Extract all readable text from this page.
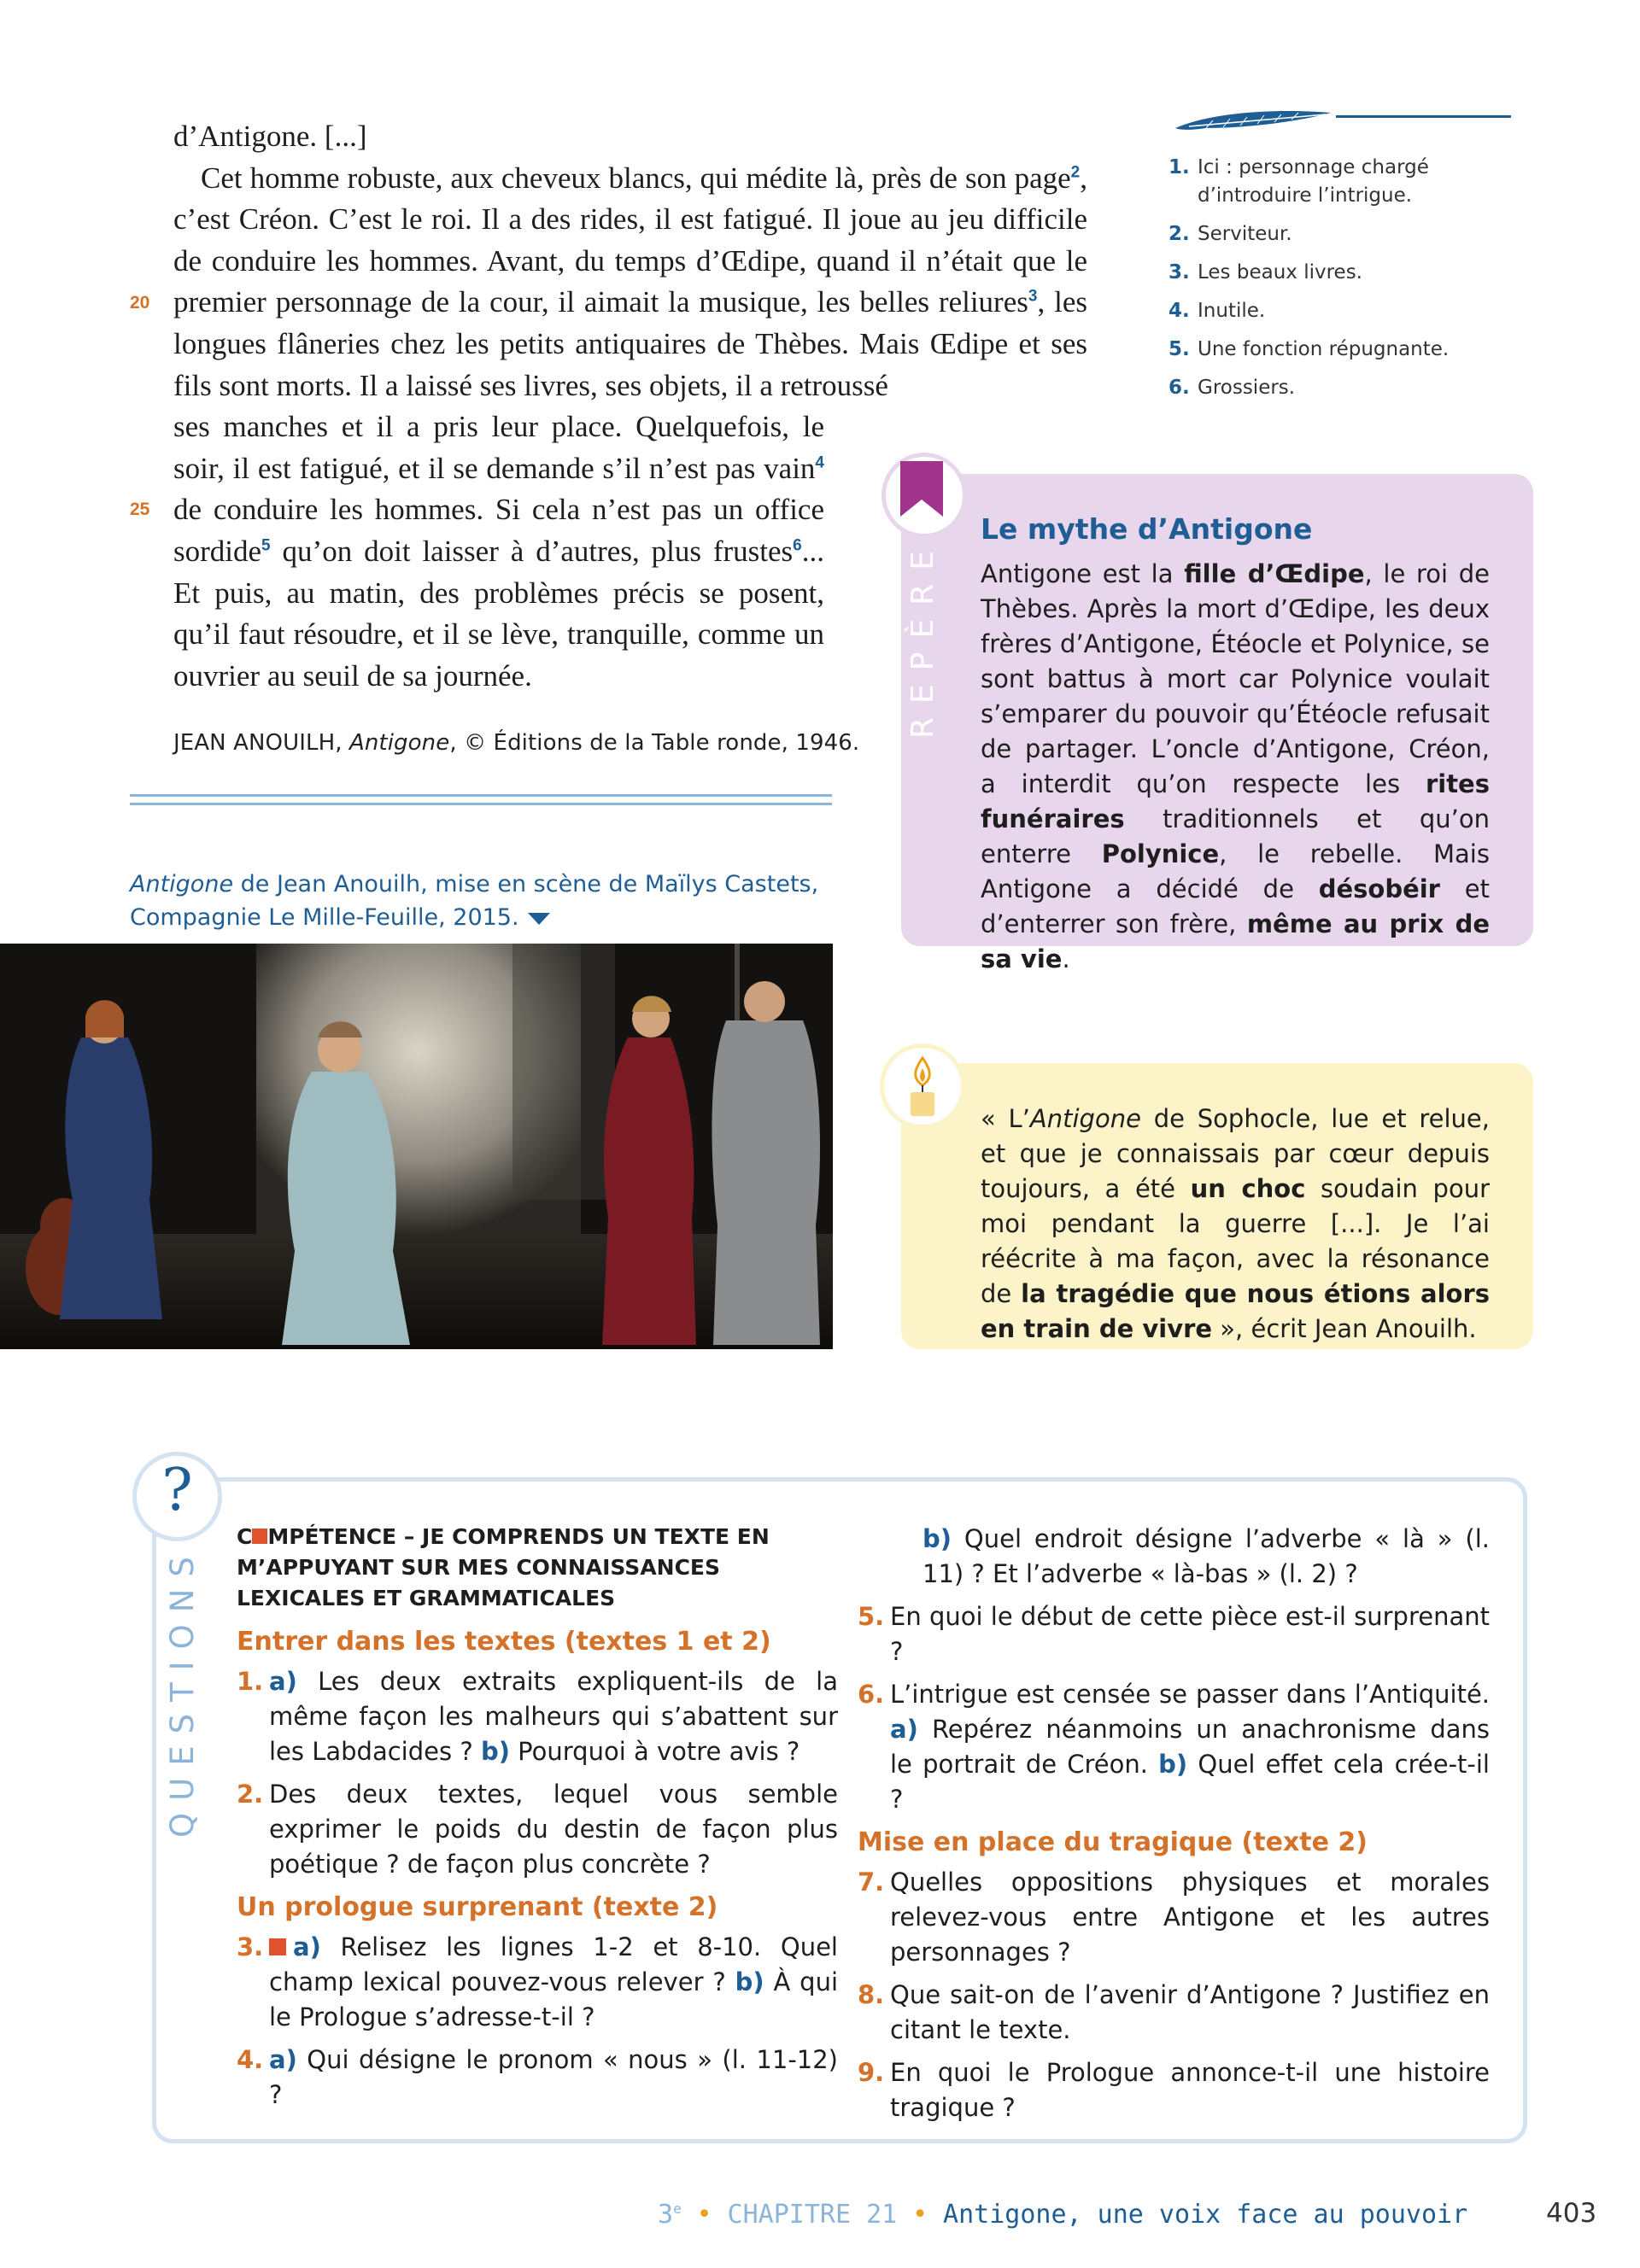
d’Antigone. [...]

Cet homme robuste, aux cheveux blancs, qui médite là, près de son page$^2$, c’est Créon. C’est le roi. Il a des rides, il est fatigué. Il joue au jeu difficile de conduire les hommes. Avant, du temps d’Œdipe, quand il n’était que le premier personnage de la cour, il aimait la musique, les belles reliures$^3$, les longues flâneries chez les petits antiquaires de Thèbes. Mais Œdipe et ses fils sont morts. Il a laissé ses livres, ses objets, il a retroussé

ses manches et il a pris leur place. Quelquefois, le soir, il est fatigué, et il se demande s’il n’est pas vain$^4$ de conduire les hommes. Si cela n’est pas un office sordide$^5$ qu’on doit laisser à d’autres, plus frustes$^6$... Et puis, au matin, des problèmes précis se posent, qu’il faut résoudre, et il se lève, tranquille, comme un ouvrier au seuil de sa journée.

20
25
JEAN ANOUILH, Antigone, © Éditions de la Table ronde, 1946.
1. Ici : personnage chargé d’introduire l’intrigue.
2. Serviteur.
3. Les beaux livres.
4. Inutile.
5. Une fonction répugnante.
6. Grossiers.
REPÈRE
Le mythe d’Antigone
Antigone est la fille d’Œdipe, le roi de Thèbes. Après la mort d’Œdipe, les deux frères d’Antigone, Étéocle et Polynice, se sont battus à mort car Polynice voulait s’emparer du pouvoir qu’Étéocle refusait de partager. L’oncle d’Antigone, Créon, a interdit qu’on respecte les rites funéraires traditionnels et qu’on enterre Polynice, le rebelle. Mais Antigone a décidé de désobéir et d’enterrer son frère, même au prix de sa vie.
Antigone de Jean Anouilh, mise en scène de Maïlys Castets, Compagnie Le Mille-Feuille, 2015.
« L’Antigone de Sophocle, lue et relue, et que je connaissais par cœur depuis toujours, a été un choc soudain pour moi pendant la guerre [...]. Je l’ai réécrite à ma façon, avec la résonance de la tragédie que nous étions alors en train de vivre », écrit Jean Anouilh.
?
QUESTIONS
C MPÉTENCE – JE COMPRENDS UN TEXTE EN M’APPUYANT SUR MES CONNAISSANCES LEXICALES ET GRAMMATICALES
Entrer dans les textes (textes 1 et 2)
1. a) Les deux extraits expliquent-ils de la même façon les malheurs qui s’abattent sur les Labdacides ? b) Pourquoi à votre avis ?
2. Des deux textes, lequel vous semble exprimer le poids du destin de façon plus poétique ? de façon plus concrète ?
Un prologue surprenant (texte 2)
3.	a) Relisez les lignes 1-2 et 8-10. Quel champ lexical pouvez-vous relever ? b) À qui le Prologue s’adresse-t-il ?
4. a) Qui désigne le pronom « nous » (l. 11-12) ?
b) Quel endroit désigne l’adverbe « là » (l. 11) ? Et l’adverbe « là-bas » (l. 2) ?
5. En quoi le début de cette pièce est-il surprenant ?
6. L’intrigue est censée se passer dans l’Antiquité. a) Repérez néanmoins un anachronisme dans le portrait de Créon. b) Quel effet cela crée-t-il ?
Mise en place du tragique (texte 2)
7. Quelles oppositions physiques et morales relevez-vous entre Antigone et les autres personnages ?
8. Que sait-on de l’avenir d’Antigone ? Justifiez en citant le texte.
9. En quoi le Prologue annonce-t-il une histoire tragique ?
3e • CHAPITRE 21 • Antigone, une voix face au pouvoir	403
